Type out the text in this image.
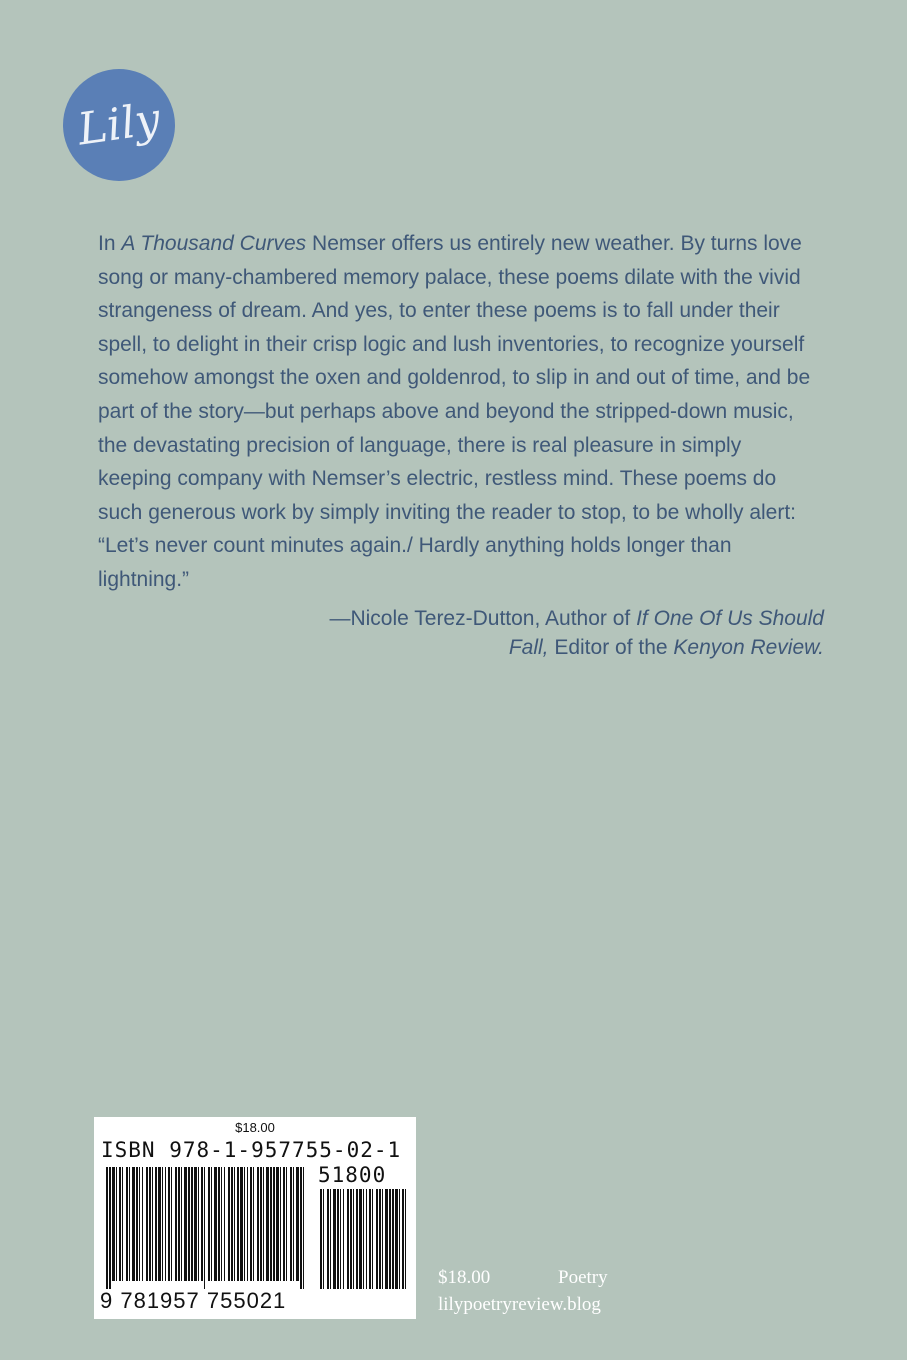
Lily

In A Thousand Curves Nemser offers us entirely new weather. By turns love song or many-chambered memory palace, these poems dilate with the vivid strangeness of dream. And yes, to enter these poems is to fall under their spell, to delight in their crisp logic and lush inventories, to recognize yourself somehow amongst the oxen and goldenrod, to slip in and out of time, and be part of the story—but perhaps above and beyond the stripped-down music, the devastating precision of language, there is real pleasure in simply keeping company with Nemser’s electric, restless mind. These poems do such generous work by simply inviting the reader to stop, to be wholly alert: “Let’s never count minutes again./ Hardly anything holds longer than lightning.”

—Nicole Terez-Dutton, Author of If One Of Us Should Fall, Editor of the Kenyon Review.

$18.00
ISBN 978-1-957755-02-1
51800
9 781957 755021
$18.00	Poetry
lilypoetryreview.blog
